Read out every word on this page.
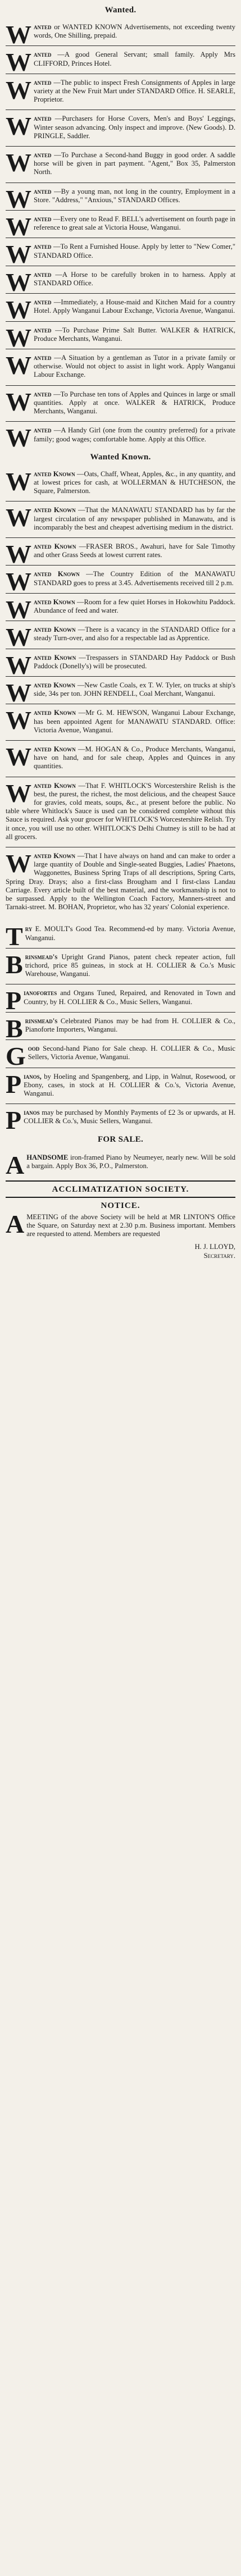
Wanted.
Wanted or WANTED KNOWN Advertisements, not exceeding twenty words, One Shilling, prepaid.
Wanted —A good General Servant; small family. Apply Mrs CLIFFORD, Princes Hotel.
Wanted —The public to inspect Fresh Consignments of Apples in large variety at the New Fruit Mart under STANDARD Office. H. SEARLE, Proprietor.
Wanted —Purchasers for Horse Covers, Men's and Boys' Leggings, Winter season advancing. Only inspect and improve. (New Goods). D. PRINGLE, Saddler.
Wanted —To Purchase a Second-hand Buggy in good order. A saddle horse will be given in part payment. "Agent," Box 35, Palmerston North.
Wanted —By a young man, not long in the country, Employment in a Store. "Address," "Anxious," STANDARD Offices.
Wanted —Every one to Read F. BELL's advertisement on fourth page in reference to great sale at Victoria House, Wanganui.
Wanted —To Rent a Furnished House. Apply by letter to "New Comer," STANDARD Office.
Wanted —A Horse to be carefully broken in to harness. Apply at STANDARD Office.
Wanted —Immediately, a House-maid and Kitchen Maid for a country Hotel. Apply Wanganui Labour Exchange, Victoria Avenue, Wanganui.
Wanted —To Purchase Prime Salt Butter. WALKER & HATRICK, Produce Merchants, Wanganui.
Wanted —A Situation by a gentleman as Tutor in a private family or otherwise. Would not object to assist in light work. Apply Wanganui Labour Exchange.
Wanted —To Purchase ten tons of Apples and Quinces in large or small quantities. Apply at once. WALKER & HATRICK, Produce Merchants, Wanganui.
Wanted —A Handy Girl (one from the country preferred) for a private family; good wages; comfortable home. Apply at this Office.
Wanted Known.
Wanted Known —Oats, Chaff, Wheat, Apples, &c., in any quantity, and at lowest prices for cash, at WOLLERMAN & HUTCHESON, the Square, Palmerston.
Wanted Known —That the MANAWATU STANDARD has by far the largest circulation of any newspaper published in Manawatu, and is incomparably the best and cheapest advertising medium in the district.
Wanted Known —FRASER BROS., Awahuri, have for Sale Timothy and other Grass Seeds at lowest current rates.
Wanted Known —The Country Edition of the MANAWATU STANDARD goes to press at 3.45. Advertisements received till 2 p.m.
Wanted Known —Room for a few quiet Horses in Hokowhitu Paddock. Abundance of feed and water.
Wanted Known —There is a vacancy in the STANDARD Office for a steady Turn-over, and also for a respectable lad as Apprentice.
Wanted Known —Trespassers in STANDARD Hay Paddock or Bush Paddock (Donelly's) will be prosecuted.
Wanted Known —New Castle Coals, ex T. W. Tyler, on trucks at ship's side, 34s per ton. JOHN RENDELL, Coal Merchant, Wanganui.
Wanted Known —Mr G. M. HEWSON, Wanganui Labour Exchange, has been appointed Agent for MANAWATU STANDARD. Office: Victoria Avenue, Wanganui.
Wanted Known —M. HOGAN & Co., Produce Merchants, Wanganui, have on hand, and for sale cheap, Apples and Quinces in any quantities.
Wanted Known —That F. WHITLOCK'S Worcestershire Relish is the best, the purest, the richest, the most delicious, and the cheapest Sauce for gravies, cold meats, soups, &c., at present before the public. No table where Whitlock's Sauce is used can be considered complete without this Sauce is required. Ask your grocer for WHITLOCK'S Worcestershire Relish. Try it once, you will use no other. WHITLOCK'S Delhi Chutney is still to be had at all grocers.
Wanted Known —That I have always on hand and can make to order a large quantity of Double and Single-seated Buggies, Ladies' Phaetons, Waggonettes, Business Spring Traps of all descriptions, Spring Carts, Spring Dray. Drays; also a first-class Brougham and I first-class Landau Carriage. Every article built of the best material, and the workmanship is not to be surpassed. Apply to the Wellington Coach Factory, Manners-street and Tarnaki-street. M. BOHAN, Proprietor, who has 32 years' Colonial experience.
Try E. MOULT's Good Tea. Recommend-ed by many. Victoria Avenue, Wanganui.
Brinsmead's Upright Grand Pianos, patent check repeater action, full trichord, price 85 guineas, in stock at H. COLLIER & Co.'s Music Warehouse, Wanganui.
Pianofortes and Organs Tuned, Repaired, and Renovated in Town and Country, by H. COLLIER & Co., Music Sellers, Wanganui.
Brinsmead's Celebrated Pianos may be had from H. COLLIER & Co., Pianoforte Importers, Wanganui.
Good Second-hand Piano for Sale cheap. H. COLLIER & Co., Music Sellers, Victoria Avenue, Wanganui.
Pianos, by Hoeling and Spangenberg, and Lipp, in Walnut, Rosewood, or Ebony, cases, in stock at H. COLLIER & Co.'s, Victoria Avenue, Wanganui.
Pianos may be purchased by Monthly Payments of £2 3s or upwards, at H. COLLIER & Co.'s, Music Sellers, Wanganui.
FOR SALE.
A HANDSOME iron-framed Piano by Neumeyer, nearly new. Will be sold a bargain. Apply Box 36, P.O., Palmerston.
ACCLIMATIZATION SOCIETY.
NOTICE.
A MEETING of the above Society will be held at MR LINTON'S Office the Square, on Saturday next at 2.30 p.m. Business important. Members are requested to attend. Members are requested
H. J. LLOYD,
Secretary.
